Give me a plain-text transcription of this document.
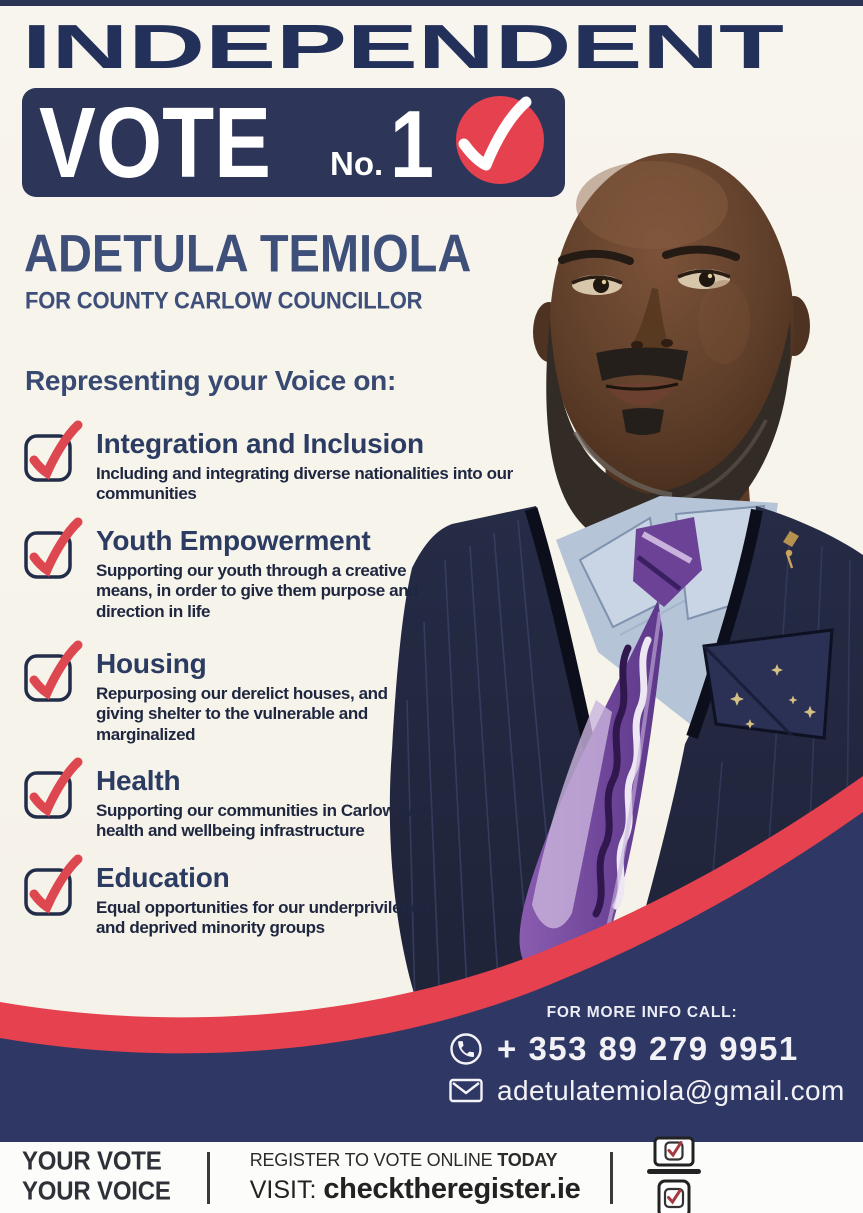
INDEPENDENT
VOTE No. 1
ADETULA TEMIOLA
FOR COUNTY CARLOW COUNCILLOR
Representing your Voice on:
Integration and Inclusion
Including and integrating diverse nationalities into our communities
Youth Empowerment
Supporting our youth through a creative means, in order to give them purpose and direction in life
Housing
Repurposing our derelict houses, and giving shelter to the vulnerable and marginalized
Health
Supporting our communities in Carlow with health and wellbeing infrastructure
Education
Equal opportunities for our underprivileged and deprived minority groups
FOR MORE INFO CALL:
+ 353 89 279 9951
adetulatemiola@gmail.com
YOUR VOTE
YOUR VOICE
REGISTER TO VOTE ONLINE TODAY
VISIT: checktheregister.ie
